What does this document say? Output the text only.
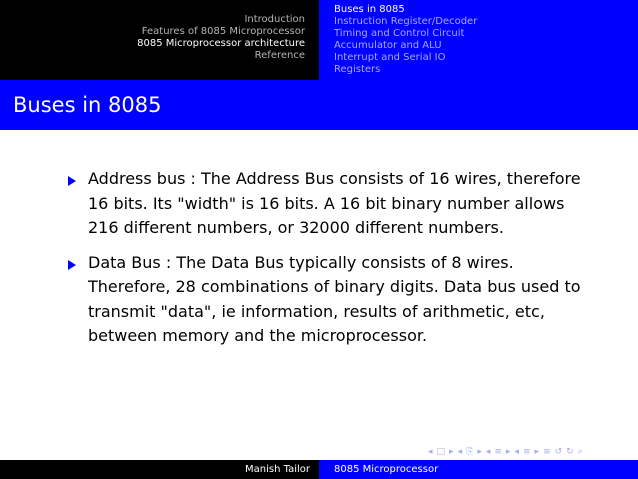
Introduction
Features of 8085 Microprocessor
8085 Microprocessor architecture
Reference
Buses in 8085
Instruction Register/Decoder
Timing and Control Circuit
Accumulator and ALU
Interrupt and Serial IO
Registers
Buses in 8085
Address bus : The Address Bus consists of 16 wires, therefore 16 bits. Its "width" is 16 bits. A 16 bit binary number allows 216 different numbers, or 32000 different numbers.
Data Bus : The Data Bus typically consists of 8 wires. Therefore, 28 combinations of binary digits. Data bus used to transmit "data", ie information, results of arithmetic, etc, between memory and the microprocessor.
◂ □ ▸ ◂ ⎘ ▸ ◂ ≡ ▸ ◂ ≡ ▸ ≡ ↺ ↻ ⌕
Manish Tailor 8085 Microprocessor
